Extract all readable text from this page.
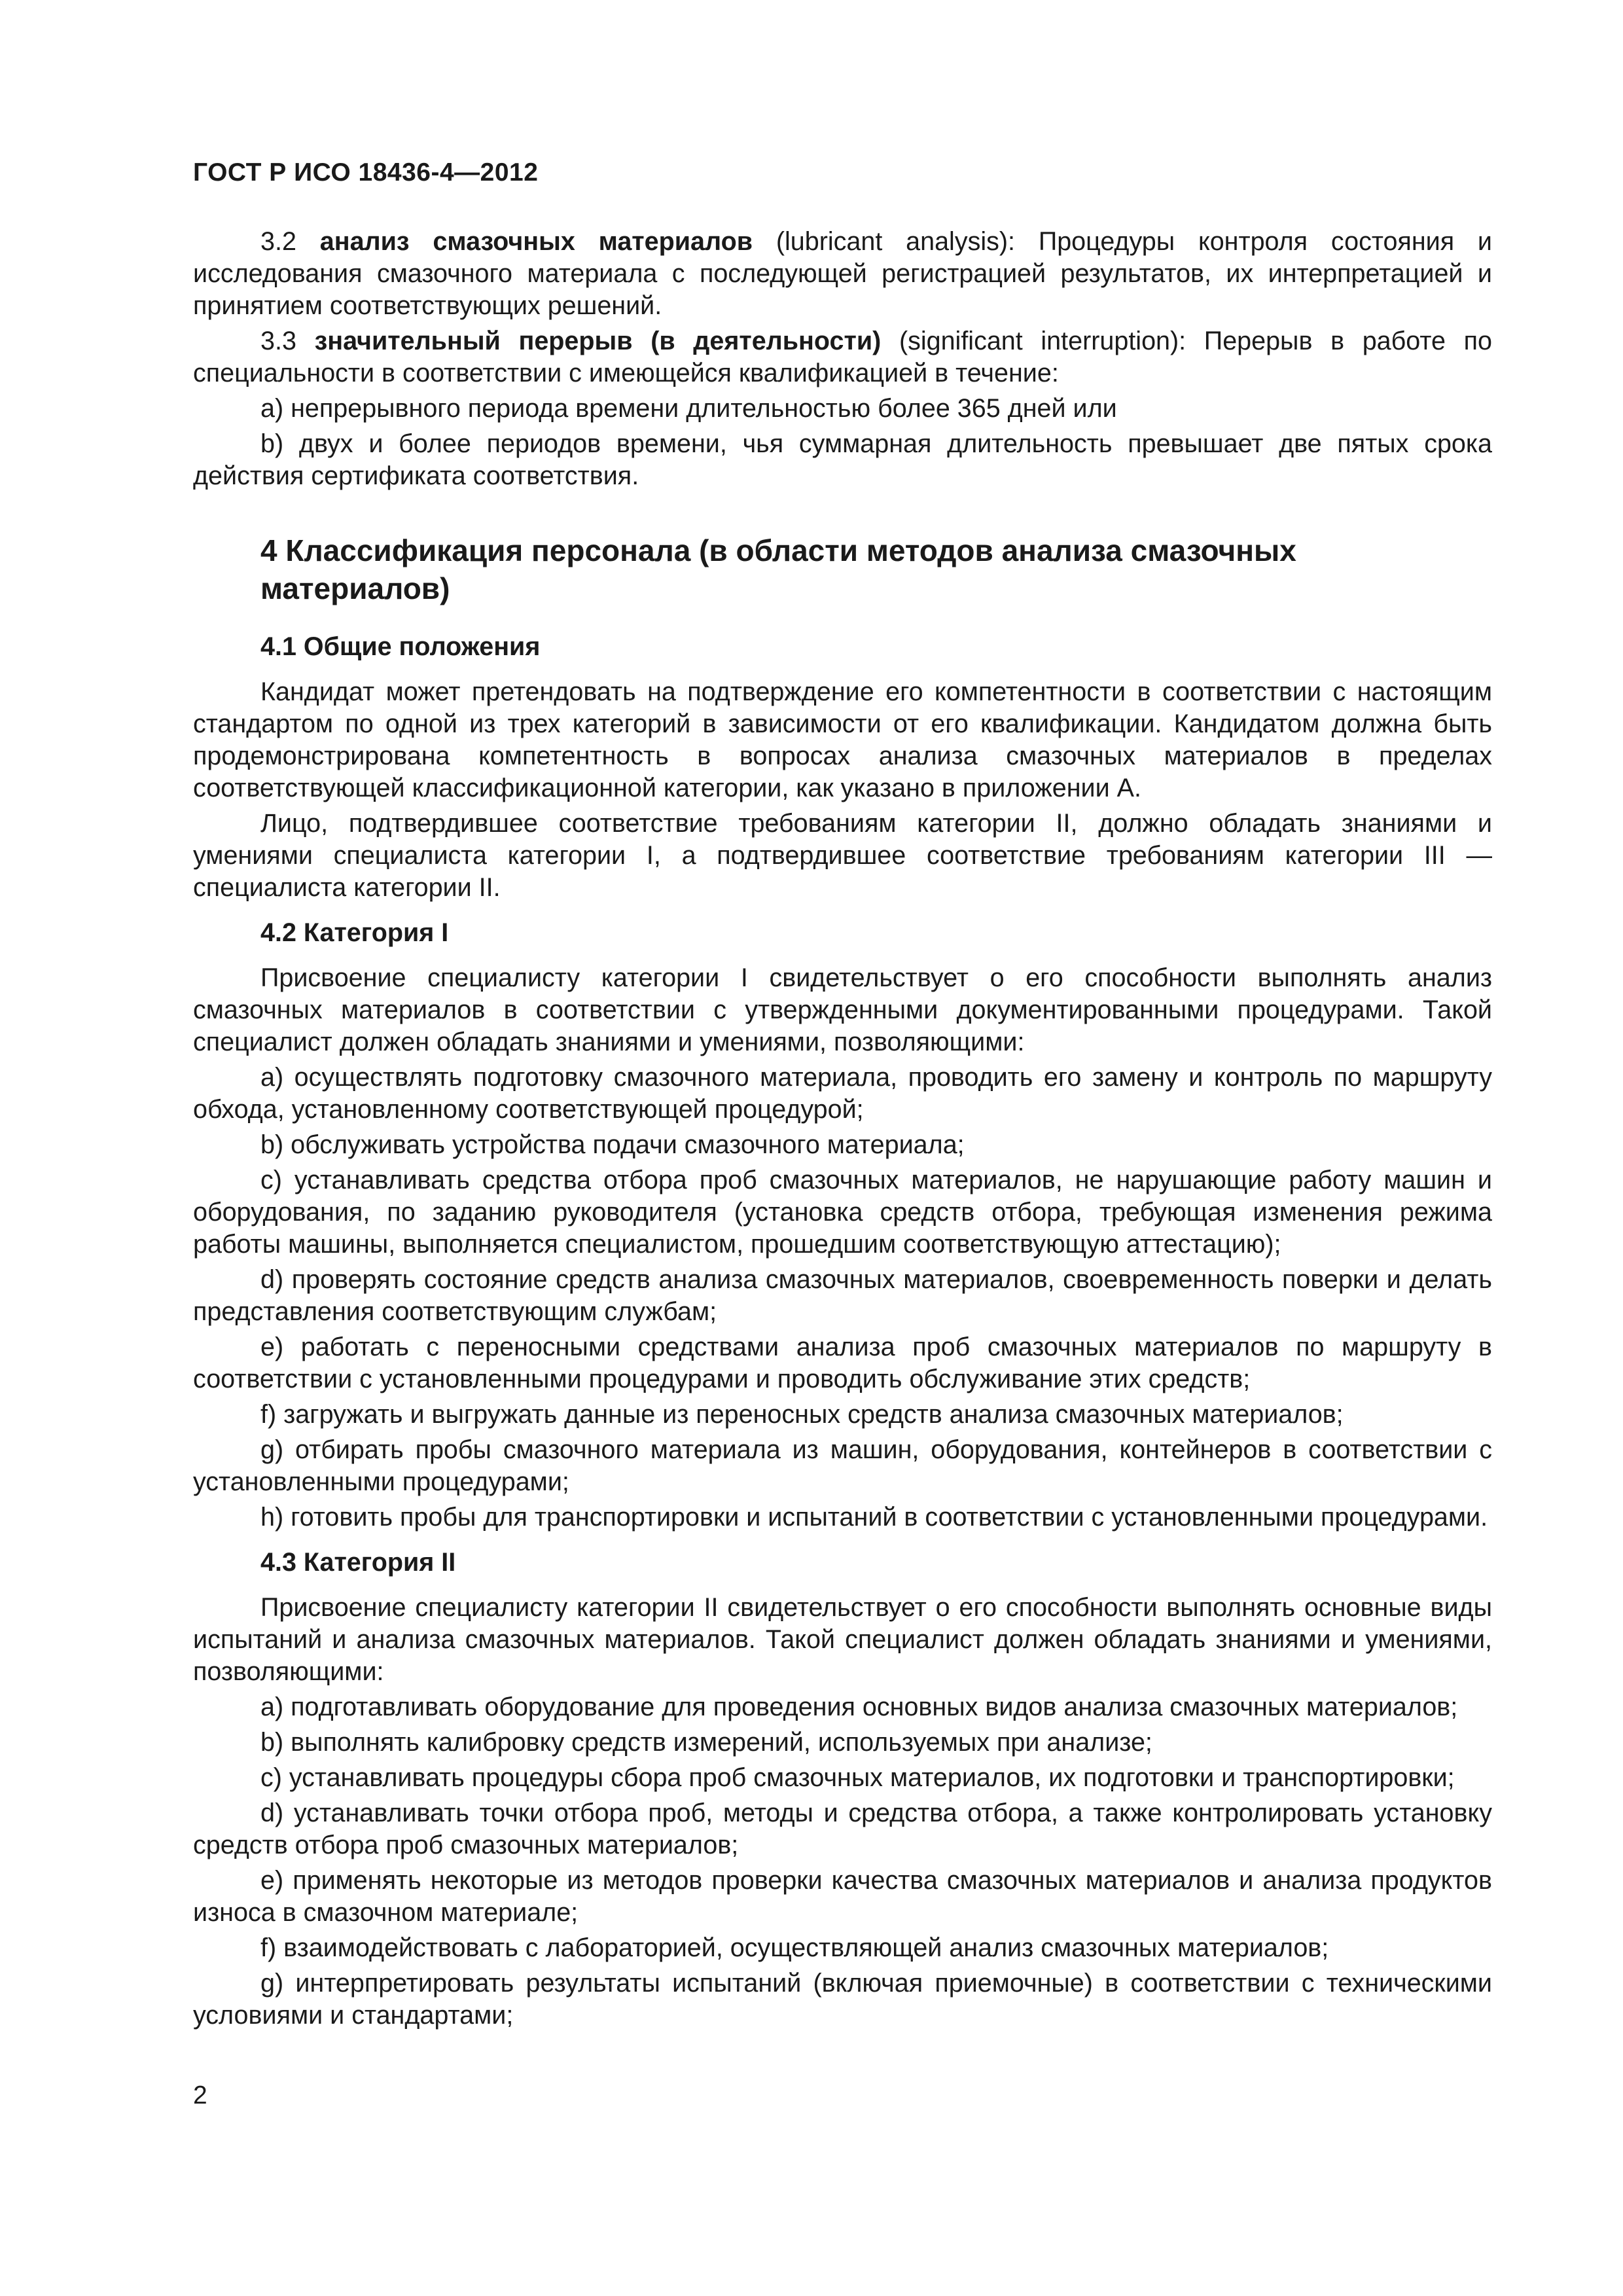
ГОСТ Р ИСО 18436-4—2012

3.2 анализ смазочных материалов (lubricant analysis): Процедуры контроля состояния и исследования смазочного материала с последующей регистрацией результатов, их интерпретацией и принятием соответствующих решений.

3.3 значительный перерыв (в деятельности) (significant interruption): Перерыв в работе по специальности в соответствии с имеющейся квалификацией в течение:

a) непрерывного периода времени длительностью более 365 дней или

b) двух и более периодов времени, чья суммарная длительность превышает две пятых срока действия сертификата соответствия.

4 Классификация персонала (в области методов анализа смазочных материалов)
4.1 Общие положения

Кандидат может претендовать на подтверждение его компетентности в соответствии с настоящим стандартом по одной из трех категорий в зависимости от его квалификации. Кандидатом должна быть продемонстрирована компетентность в вопросах анализа смазочных материалов в пределах соответствующей классификационной категории, как указано в приложении А.

Лицо, подтвердившее соответствие требованиям категории II, должно обладать знаниями и умениями специалиста категории I, а подтвердившее соответствие требованиям категории III — специалиста категории II.

4.2 Категория I

Присвоение специалисту категории I свидетельствует о его способности выполнять анализ смазочных материалов в соответствии с утвержденными документированными процедурами. Такой специалист должен обладать знаниями и умениями, позволяющими:

a) осуществлять подготовку смазочного материала, проводить его замену и контроль по маршруту обхода, установленному соответствующей процедурой;

b) обслуживать устройства подачи смазочного материала;

c) устанавливать средства отбора проб смазочных материалов, не нарушающие работу машин и оборудования, по заданию руководителя (установка средств отбора, требующая изменения режима работы машины, выполняется специалистом, прошедшим соответствующую аттестацию);

d) проверять состояние средств анализа смазочных материалов, своевременность поверки и делать представления соответствующим службам;

e) работать с переносными средствами анализа проб смазочных материалов по маршруту в соответствии с установленными процедурами и проводить обслуживание этих средств;

f) загружать и выгружать данные из переносных средств анализа смазочных материалов;

g) отбирать пробы смазочного материала из машин, оборудования, контейнеров в соответствии с установленными процедурами;

h) готовить пробы для транспортировки и испытаний в соответствии с установленными процедурами.

4.3 Категория II

Присвоение специалисту категории II свидетельствует о его способности выполнять основные виды испытаний и анализа смазочных материалов. Такой специалист должен обладать знаниями и умениями, позволяющими:

a) подготавливать оборудование для проведения основных видов анализа смазочных материалов;

b) выполнять калибровку средств измерений, используемых при анализе;

c) устанавливать процедуры сбора проб смазочных материалов, их подготовки и транспортировки;

d) устанавливать точки отбора проб, методы и средства отбора, а также контролировать установку средств отбора проб смазочных материалов;

e) применять некоторые из методов проверки качества смазочных материалов и анализа продуктов износа в смазочном материале;

f) взаимодействовать с лабораторией, осуществляющей анализ смазочных материалов;

g) интерпретировать результаты испытаний (включая приемочные) в соответствии с техническими условиями и стандартами;

2
